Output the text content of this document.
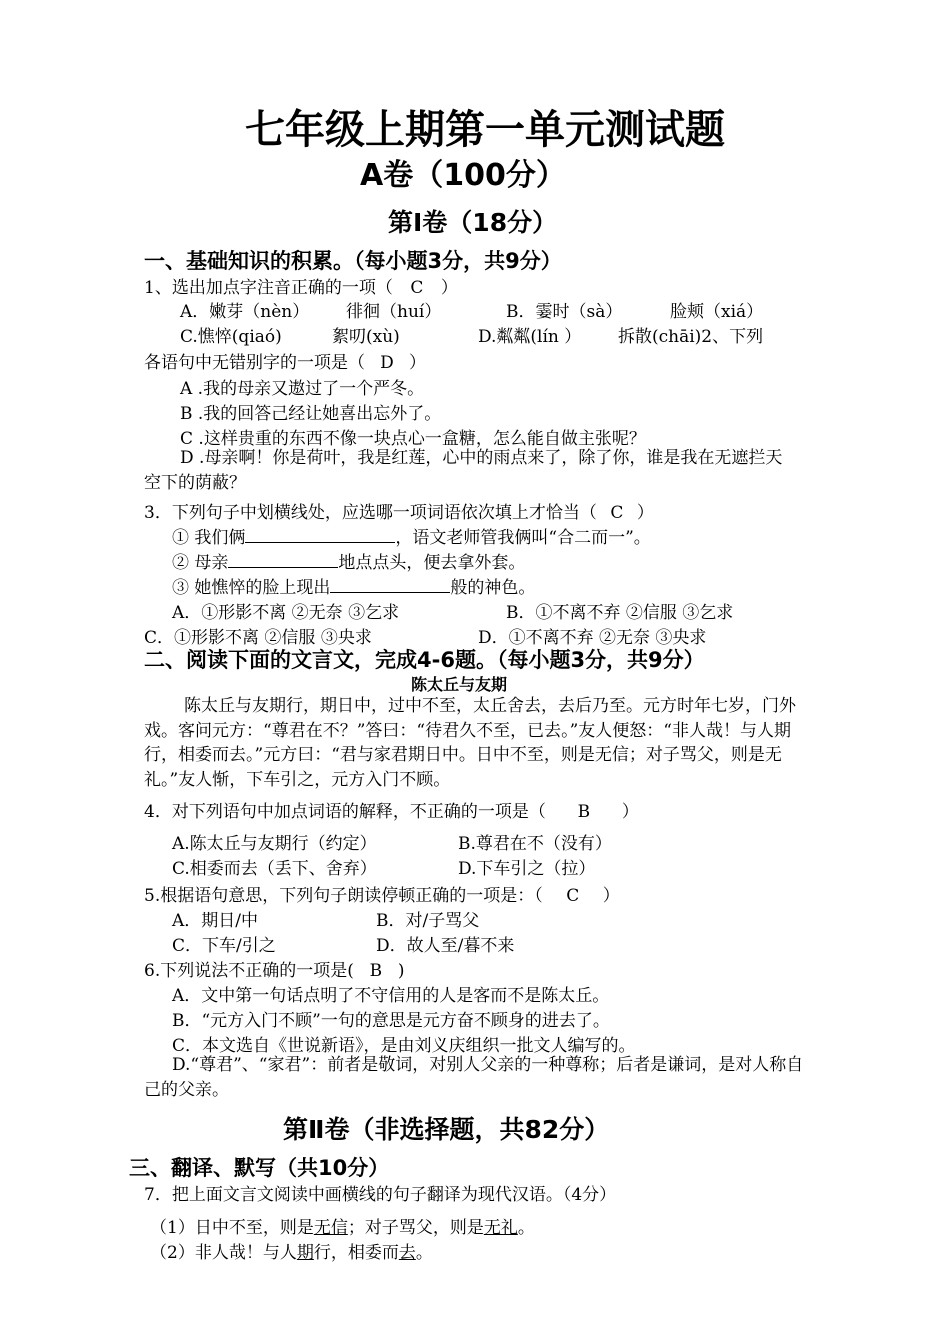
七年级上期第一单元测试题
A卷（100分）
第Ⅰ卷（18分）
一、基础知识的积累。（每小题3分，共9分）
1、选出加点字注音正确的一项（ C ）
A．嫩芽（nèn） 徘徊（huí）	B．霎时（sà）	脸颊（xiá）
C.憔悴(qiaó)	絮叨(xù)	D.粼粼(lín ） 拆散(chāi)2、下列
各语句中无错别字的一项是（ D ）
A .我的母亲又遨过了一个严冬。
B .我的回答己经让她喜出忘外了。
C .这样贵重的东西不像一块点心一盒糖，怎么能自做主张呢？
D .母亲啊！你是荷叶，我是红莲，心中的雨点来了，除了你，谁是我在无遮拦天空下的荫蔽？
3．下列句子中划横线处，应选哪一项词语依次填上才恰当（ C ）
① 我们俩	，语文老师管我俩叫“合二而一”。
② 母亲	地点点头，便去拿外套。
③ 她憔悴的脸上现出	般的神色。
A．①形影不离 ②无奈 ③乞求	B．①不离不弃 ②信服 ③乞求
C．①形影不离 ②信服 ③央求	D．①不离不弃 ②无奈 ③央求
二、阅读下面的文言文，完成4-6题。（每小题3分，共9分）
陈太丘与友期
陈太丘与友期行，期日中，过中不至，太丘舍去，去后乃至。元方时年七岁，门外戏。客问元方：“尊君在不？”答曰：“待君久不至，已去。”友人便怒：“非人哉！与人期行，相委而去。”元方曰：“君与家君期日中。日中不至，则是无信；对子骂父，则是无礼。”友人惭，下车引之，元方入门不顾。
4．对下列语句中加点词语的解释，不正确的一项是（ B ）
A.陈太丘与友期行（约定）	B.尊君在不（没有）
C.相委而去（丢下、舍弃）	D.下车引之（拉）
5.根据语句意思，下列句子朗读停顿正确的一项是：（ C ）
A．期日/中	B．对/子骂父
C．下车/引之	D．故人至/暮不来
6.下列说法不正确的一项是( B )
A．文中第一句话点明了不守信用的人是客而不是陈太丘。
B．“元方入门不顾”一句的意思是元方奋不顾身的进去了。
C．本文选自《世说新语》，是由刘义庆组织一批文人编写的。
D.“尊君”、“家君”：前者是敬词，对别人父亲的一种尊称；后者是谦词，是对人称自己的父亲。
第Ⅱ卷（非选择题，共82分）
三、翻译、默写（共10分）
7．把上面文言文阅读中画横线的句子翻译为现代汉语。（4分）
（1）日中不至，则是无信；对子骂父，则是无礼。
（2）非人哉！与人期行，相委而去。
